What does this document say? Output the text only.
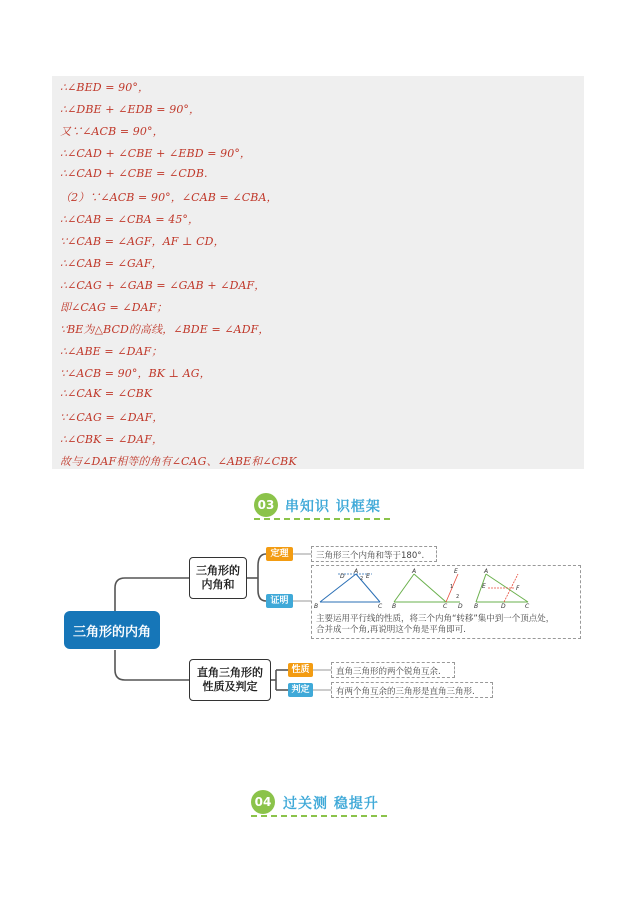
∴∠BED = 90°，
∴∠DBE + ∠EDB = 90°，
又∵∠ACB = 90°，
∴∠CAD + ∠CBE + ∠EBD = 90°，
∴∠CAD + ∠CBE = ∠CDB.
（2）∵∠ACB = 90°，∠CAB = ∠CBA，
∴∠CAB = ∠CBA = 45°，
∵∠CAB = ∠AGF，AF ⊥ CD，
∴∠CAB = ∠GAF，
∴∠CAG + ∠GAB = ∠GAB + ∠DAF，
即∠CAG = ∠DAF；
∵BE为△BCD的高线，∠BDE = ∠ADF，
∴∠ABE = ∠DAF；
∵∠ACB = 90°，BK ⊥ AG，
∴∠CAK = ∠CBK
∵∠CAG = ∠DAF，
∴∠CBK = ∠DAF，
故与∠DAF相等的角有∠CAG、∠ABE和∠CBK
03 串知识 识框架
三角形的内角
三角形的
内角和
定理	三角形三个内角和等于180°.
证明
D
A
E
2
B	C
A	E
1
2
B	C D
A
E	F
B	D	C
主要运用平行线的性质，将三个内角“转移”集中到一个顶点处，
合并成一个角,再说明这个角是平角即可.
直角三角形的
性质及判定
性质	直角三角形的两个锐角互余.
判定	有两个角互余的三角形是直角三角形.
04 过关测 稳提升
